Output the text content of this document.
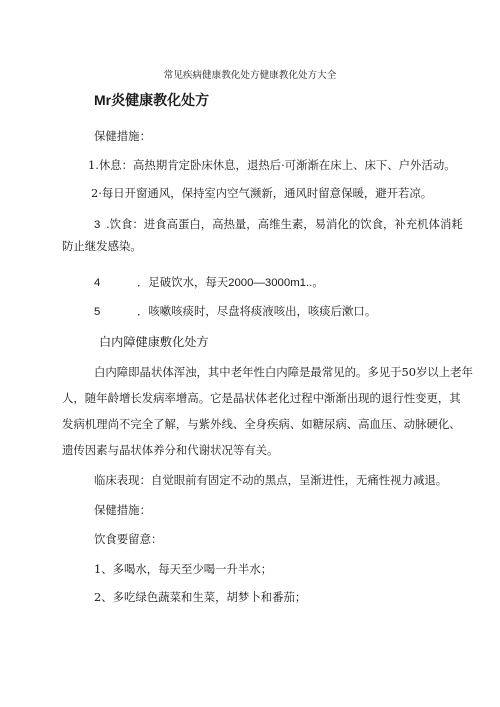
常见疾病健康教化处方健康教化处方大全
Mr炎健康教化处方
保健措施：
1.休息：高热期肯定卧床休息，退热后·可渐渐在床上、床下、户外活动。
2·每日开窗通风，保持室内空气濒新，通风时留意保暖，避开若凉。
3 .饮食：进食高蛋白，高热量，高维生素，易消化的饮食，补充机体消耗
防止继发感染。
4	．足破饮水，每天2000—3000m1..。
5	．咳嗽咳痰时，尽盘将痰液咳出，咳痰后漱口。
白内障健康敷化处方
白内障即晶状体浑浊，其中老年性白内障是最常见的。多见于50岁以上老年
人，随年龄增长发病率增高。它是晶状体老化过程中渐渐出现的退行性变更，其
发病机理尚不完全了解，与紫外线、全身疾病、如糖尿病、高血压、动脉硬化、
遗传因素与晶状体养分和代谢状况等有关。
临床表现：自觉眼前有固定不动的黑点，呈渐进性，无痛性视力减退。
保健措施：
饮食要留意：
1、多喝水，每天至少喝一升半水；
2、多吃绿色蔬菜和生菜，胡梦卜和番茄；
